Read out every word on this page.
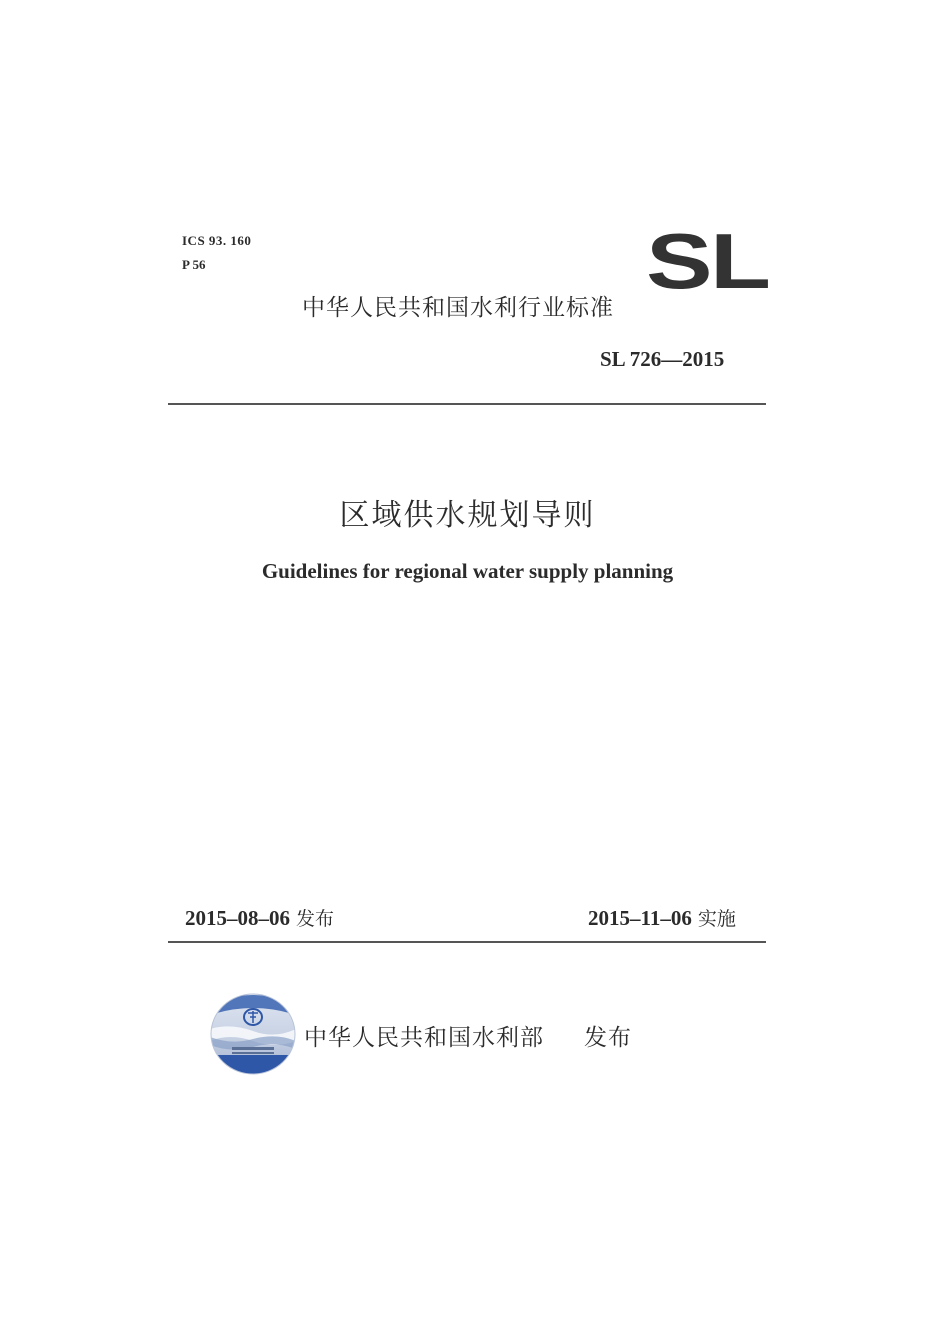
ICS 93. 160
P 56	SL
中华人民共和国水利行业标准
SL 726—2015
区域供水规划导则
Guidelines for regional water supply planning
2015–08–06 发布	2015–11–06 实施
中华人民共和国水利部 发布
